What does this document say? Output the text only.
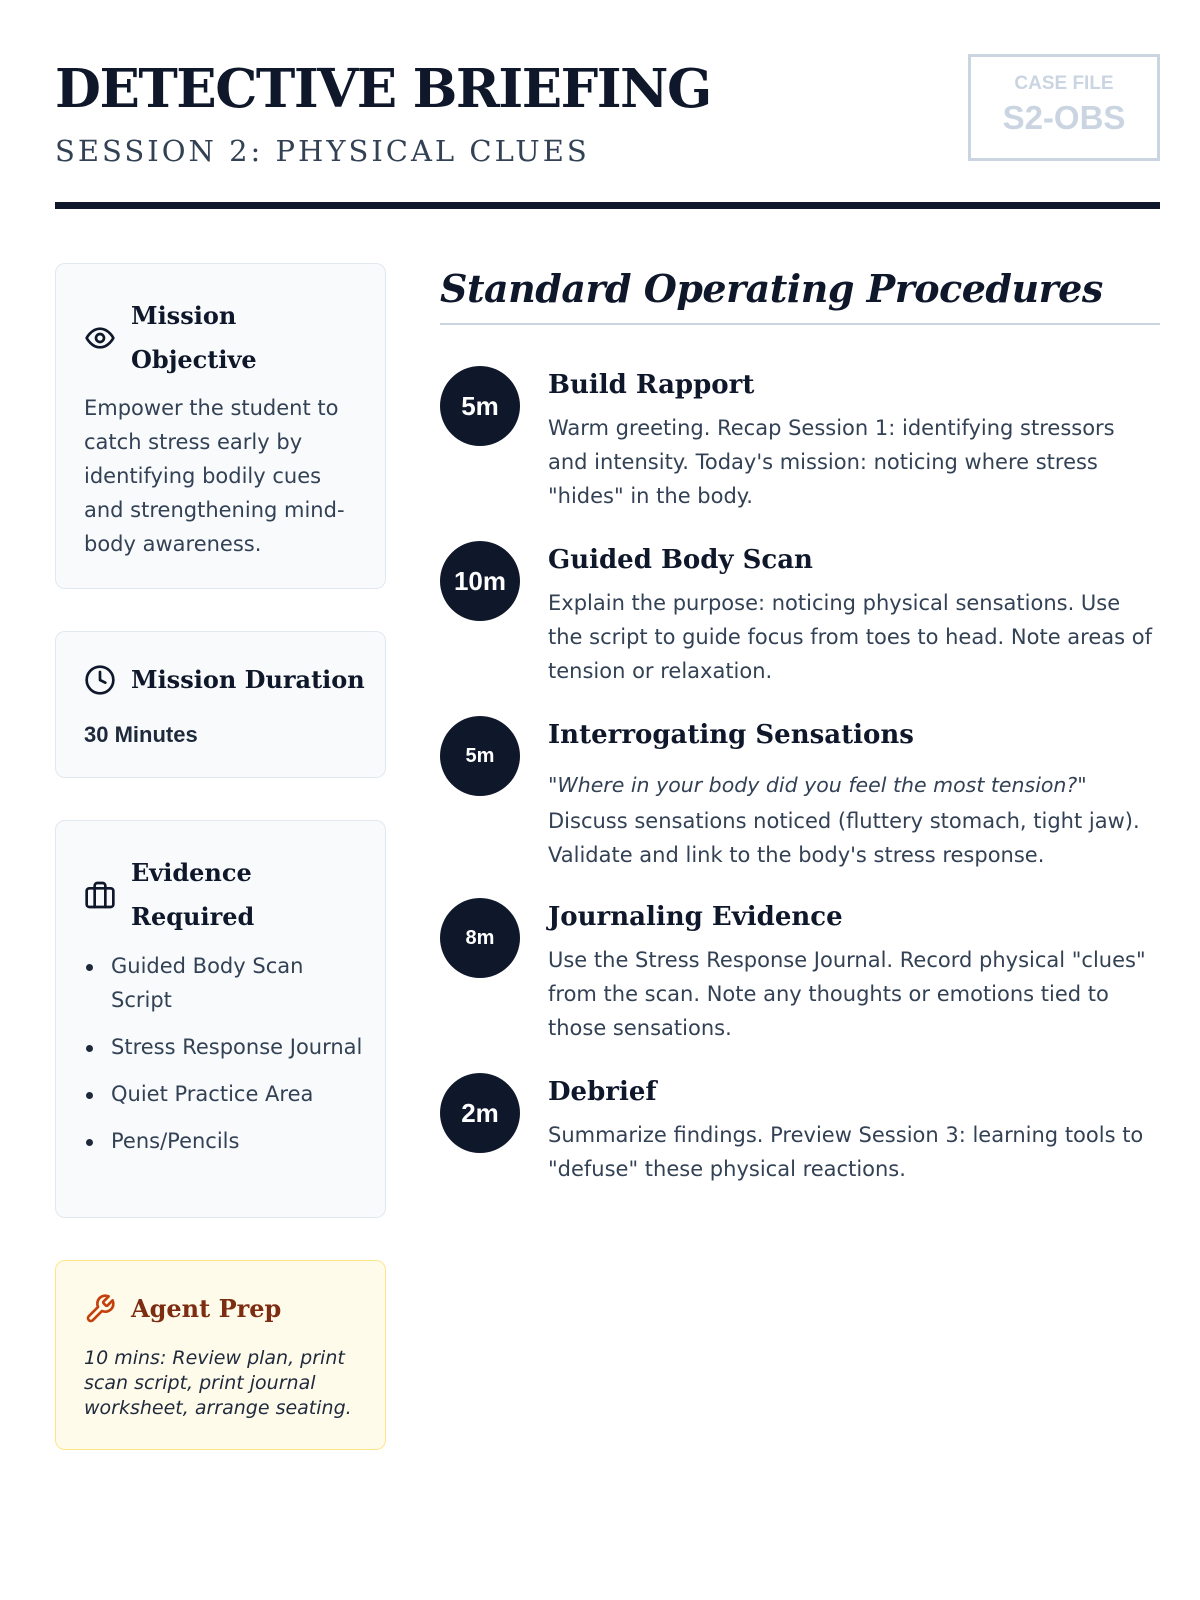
DETECTIVE BRIEFING
SESSION 2: PHYSICAL CLUES
CASE FILE
S2-OBS
Mission Objective
Empower the student to catch stress early by identifying bodily cues and strengthening mind-body awareness.
Mission Duration
30 Minutes
Evidence Required
Guided Body Scan Script
Stress Response Journal
Quiet Practice Area
Pens/Pencils
Agent Prep
10 mins: Review plan, print scan script, print journal worksheet, arrange seating.
Standard Operating Procedures
5m
Build Rapport
Warm greeting. Recap Session 1: identifying stressors and intensity. Today's mission: noticing where stress "hides" in the body.
10m
Guided Body Scan
Explain the purpose: noticing physical sensations. Use the script to guide focus from toes to head. Note areas of tension or relaxation.
5m
Interrogating Sensations
"Where in your body did you feel the most tension?"
Discuss sensations noticed (fluttery stomach, tight jaw). Validate and link to the body's stress response.
8m
Journaling Evidence
Use the Stress Response Journal. Record physical "clues" from the scan. Note any thoughts or emotions tied to those sensations.
2m
Debrief
Summarize findings. Preview Session 3: learning tools to "defuse" these physical reactions.
